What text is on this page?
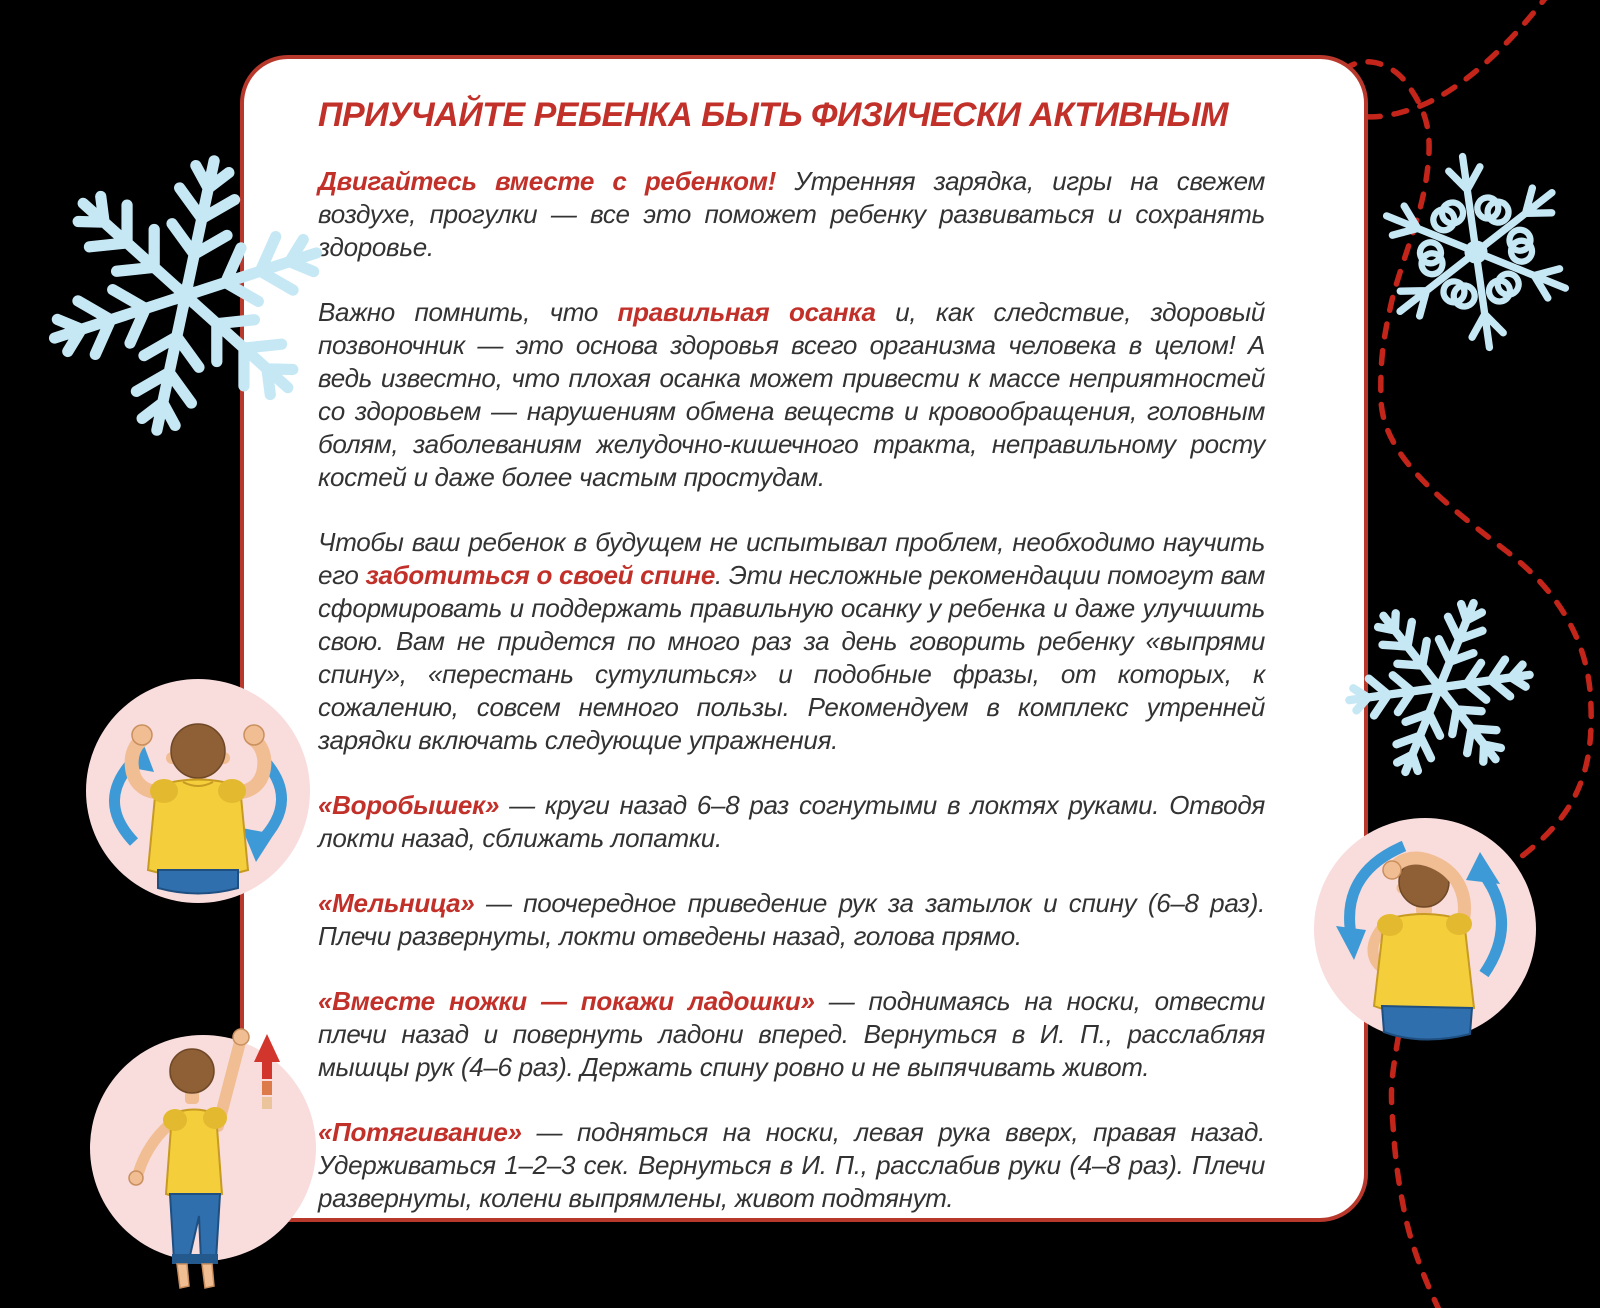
ПРИУЧАЙТЕ РЕБЕНКА БЫТЬ ФИЗИЧЕСКИ АКТИВНЫМ

Двигайтесь вместе с ребенком! Утренняя зарядка, игры на свежем воздухе, прогулки — все это поможет ребенку развиваться и сохранять здоровье.

Важно помнить, что правильная осанка и, как следствие, здоровый позвоночник — это основа здоровья всего организма человека в целом! А ведь известно, что плохая осанка может привести к массе неприятностей со здоровьем — нарушениям обмена веществ и кровообращения, головным болям, заболеваниям желудочно-кишечного тракта, неправильному росту костей и даже более частым простудам.

Чтобы ваш ребенок в будущем не испытывал проблем, необходимо научить его заботиться о своей спине. Эти несложные рекомендации помогут вам сформировать и поддержать правильную осанку у ребенка и даже улучшить свою. Вам не придется по много раз за день говорить ребенку «выпрями спину», «перестань сутулиться» и подобные фразы, от которых, к сожалению, совсем немного пользы. Рекомендуем в комплекс утренней зарядки включать следующие упражнения.

«Воробышек» — круги назад 6–8 раз согнутыми в локтях руками. Отводя локти назад, сближать лопатки.

«Мельница» — поочередное приведение рук за затылок и спину (6–8 раз). Плечи развернуты, локти отведены назад, голова прямо.

«Вместе ножки — покажи ладошки» — поднимаясь на носки, отвести плечи назад и повернуть ладони вперед. Вернуться в И. П., расслабляя мышцы рук (4–6 раз). Держать спину ровно и не выпячивать живот.

«Потягивание» — подняться на носки, левая рука вверх, правая назад. Удерживаться 1–2–3 сек. Вернуться в И. П., расслабив руки (4–8 раз). Плечи развернуты, колени выпрямлены, живот подтянут.
